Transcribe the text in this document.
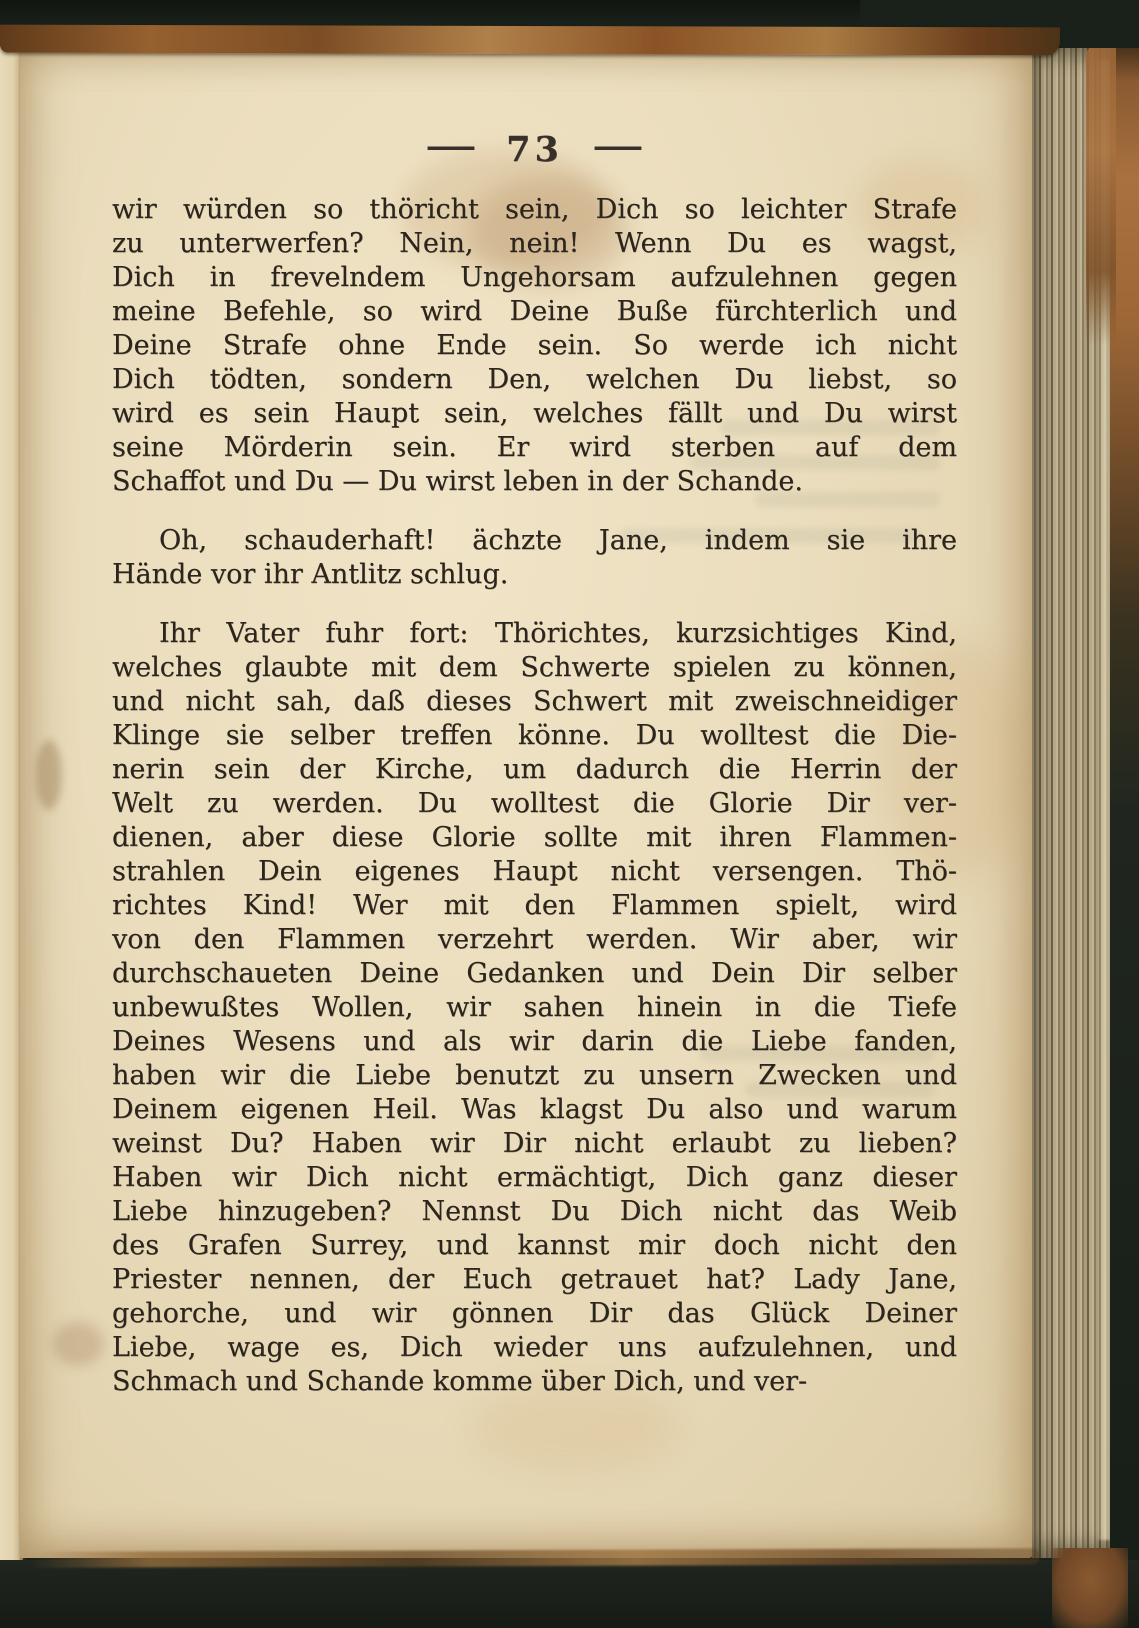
— 73 —
wir würden so thöricht sein, Dich so leichter Strafe
zu unterwerfen? Nein, nein! Wenn Du es wagst,
Dich in frevelndem Ungehorsam aufzulehnen gegen
meine Befehle, so wird Deine Buße fürchterlich und
Deine Strafe ohne Ende sein. So werde ich nicht
Dich tödten, sondern Den, welchen Du liebst, so
wird es sein Haupt sein, welches fällt und Du wirst
seine Mörderin sein. Er wird sterben auf dem
Schaffot und Du — Du wirst leben in der Schande.
Oh, schauderhaft! ächzte Jane, indem sie ihre
Hände vor ihr Antlitz schlug.
Ihr Vater fuhr fort: Thörichtes, kurzsichtiges Kind,
welches glaubte mit dem Schwerte spielen zu können,
und nicht sah, daß dieses Schwert mit zweischneidiger
Klinge sie selber treffen könne. Du wolltest die Die-
nerin sein der Kirche, um dadurch die Herrin der
Welt zu werden. Du wolltest die Glorie Dir ver-
dienen, aber diese Glorie sollte mit ihren Flammen-
strahlen Dein eigenes Haupt nicht versengen. Thö-
richtes Kind! Wer mit den Flammen spielt, wird
von den Flammen verzehrt werden. Wir aber, wir
durchschaueten Deine Gedanken und Dein Dir selber
unbewußtes Wollen, wir sahen hinein in die Tiefe
Deines Wesens und als wir darin die Liebe fanden,
haben wir die Liebe benutzt zu unsern Zwecken und
Deinem eigenen Heil. Was klagst Du also und warum
weinst Du? Haben wir Dir nicht erlaubt zu lieben?
Haben wir Dich nicht ermächtigt, Dich ganz dieser
Liebe hinzugeben? Nennst Du Dich nicht das Weib
des Grafen Surrey, und kannst mir doch nicht den
Priester nennen, der Euch getrauet hat? Lady Jane,
gehorche, und wir gönnen Dir das Glück Deiner
Liebe, wage es, Dich wieder uns aufzulehnen, und
Schmach und Schande komme über Dich, und ver-
